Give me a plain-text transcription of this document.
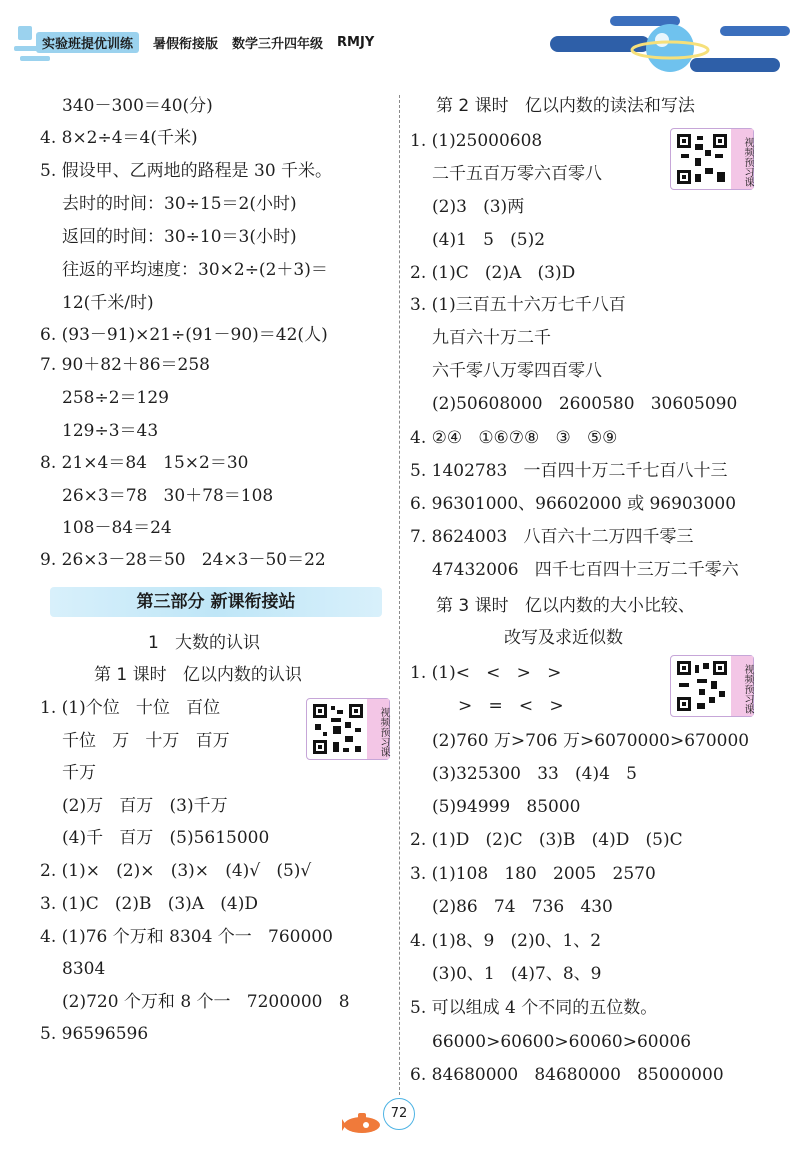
实验班提优训练	暑假衔接版 数学三升四年级 RMJY
340－300＝40(分)
4. 8×2÷4＝4(千米)
5. 假设甲、乙两地的路程是 30 千米。
去时的时间：30÷15＝2(小时)
返回的时间：30÷10＝3(小时)
往返的平均速度：30×2÷(2＋3)＝
12(千米/时)
6. (93－91)×21÷(91－90)＝42(人)
7. 90＋82＋86＝258
258÷2＝129
129÷3＝43
8. 21×4＝84   15×2＝30
26×3＝78   30＋78＝108
108－84＝24
9. 26×3－28＝50   24×3－50＝22
第三部分 新课衔接站
1   大数的认识
第 1 课时   亿以内数的认识
1. (1)个位   十位   百位
千位   万   十万   百万
千万
(2)万   百万   (3)千万
(4)千   百万   (5)5615000
2. (1)×   (2)×   (3)×   (4)√   (5)√
3. (1)C   (2)B   (3)A   (4)D
4. (1)76 个万和 8304 个一   760000
8304
(2)720 个万和 8 个一   7200000   8
5. 96596596
视频预习课
第 2 课时   亿以内数的读法和写法
1. (1)25000608
二千五百万零六百零八
(2)3   (3)两
(4)1   5   (5)2
2. (1)C   (2)A   (3)D
3. (1)三百五十六万七千八百
九百六十万二千
六千零八万零四百零八
(2)50608000   2600580   30605090
4. ②④   ①⑥⑦⑧   ③   ⑤⑨
5. 1402783   一百四十万二千七百八十三
6. 96301000、96602000 或 96903000
7. 8624003   八百六十二万四千零三
47432006   四千七百四十三万二千零六
第 3 课时   亿以内数的大小比较、
改写及求近似数
1. (1)<   <   >   >
>   =   <   >
(2)760 万>706 万>6070000>670000
(3)325300   33   (4)4   5
(5)94999   85000
2. (1)D   (2)C   (3)B   (4)D   (5)C
3. (1)108   180   2005   2570
(2)86   74   736   430
4. (1)8、9   (2)0、1、2
(3)0、1   (4)7、8、9
5. 可以组成 4 个不同的五位数。
66000>60600>60060>60006
6. 84680000   84680000   85000000
视频预习课
视频预习课
72
